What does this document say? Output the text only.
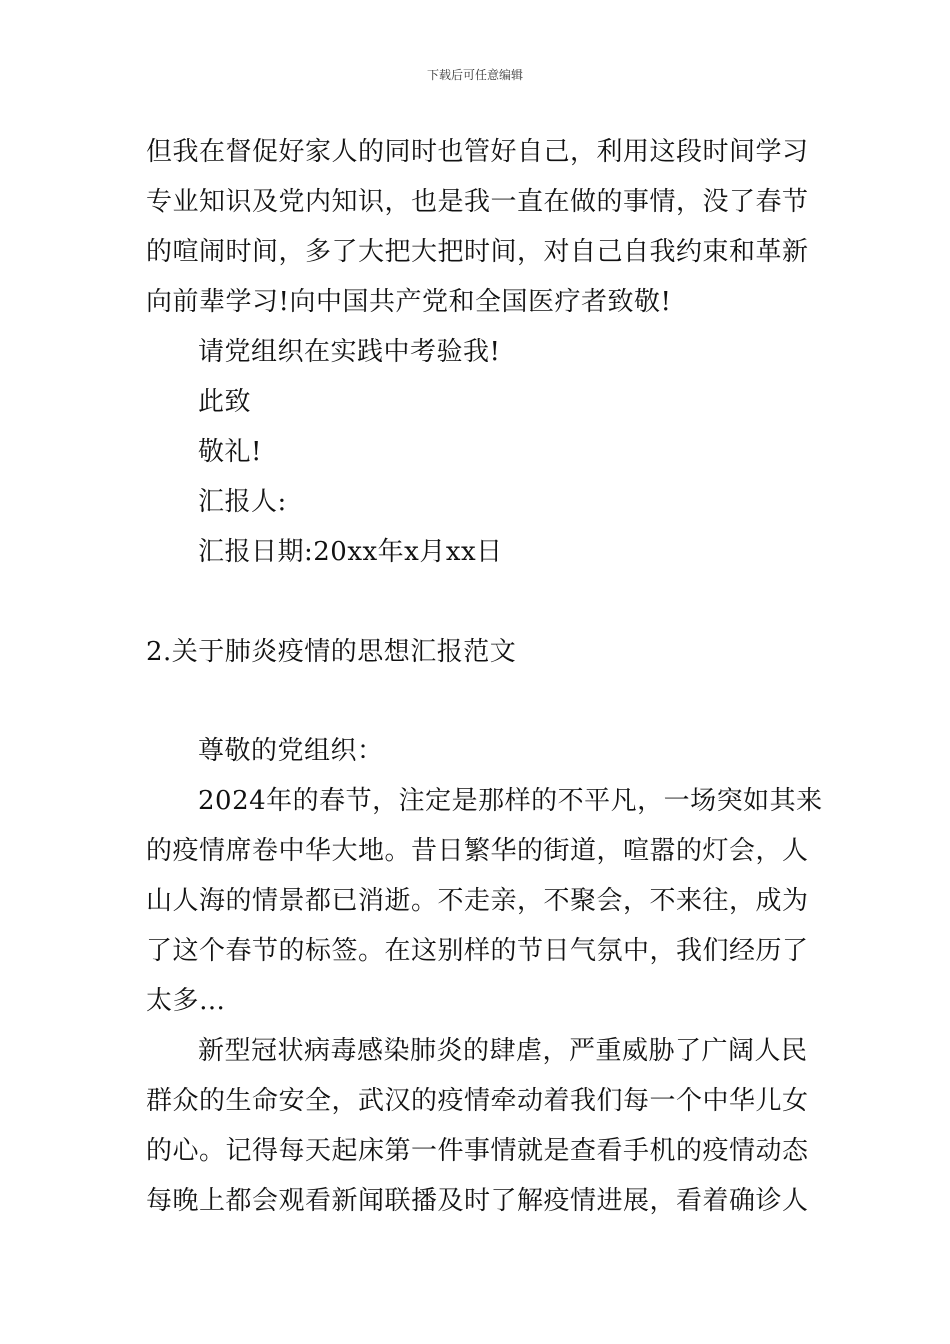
下载后可任意编辑
但我在督促好家人的同时也管好自己，利用这段时间学习
专业知识及党内知识，也是我一直在做的事情，没了春节
的喧闹时间，多了大把大把时间，对自己自我约束和革新
向前辈学习!向中国共产党和全国医疗者致敬!
请党组织在实践中考验我!
此致
敬礼!
汇报人:
汇报日期:20xx年x月xx日
2.关于肺炎疫情的思想汇报范文
尊敬的党组织：
2024年的春节，注定是那样的不平凡，一场突如其来
的疫情席卷中华大地。昔日繁华的街道，喧嚣的灯会，人
山人海的情景都已消逝。不走亲，不聚会，不来往，成为
了这个春节的标签。在这别样的节日气氛中，我们经历了
太多…
新型冠状病毒感染肺炎的肆虐，严重威胁了广阔人民
群众的生命安全，武汉的疫情牵动着我们每一个中华儿女
的心。记得每天起床第一件事情就是查看手机的疫情动态
每晚上都会观看新闻联播及时了解疫情进展，看着确诊人
